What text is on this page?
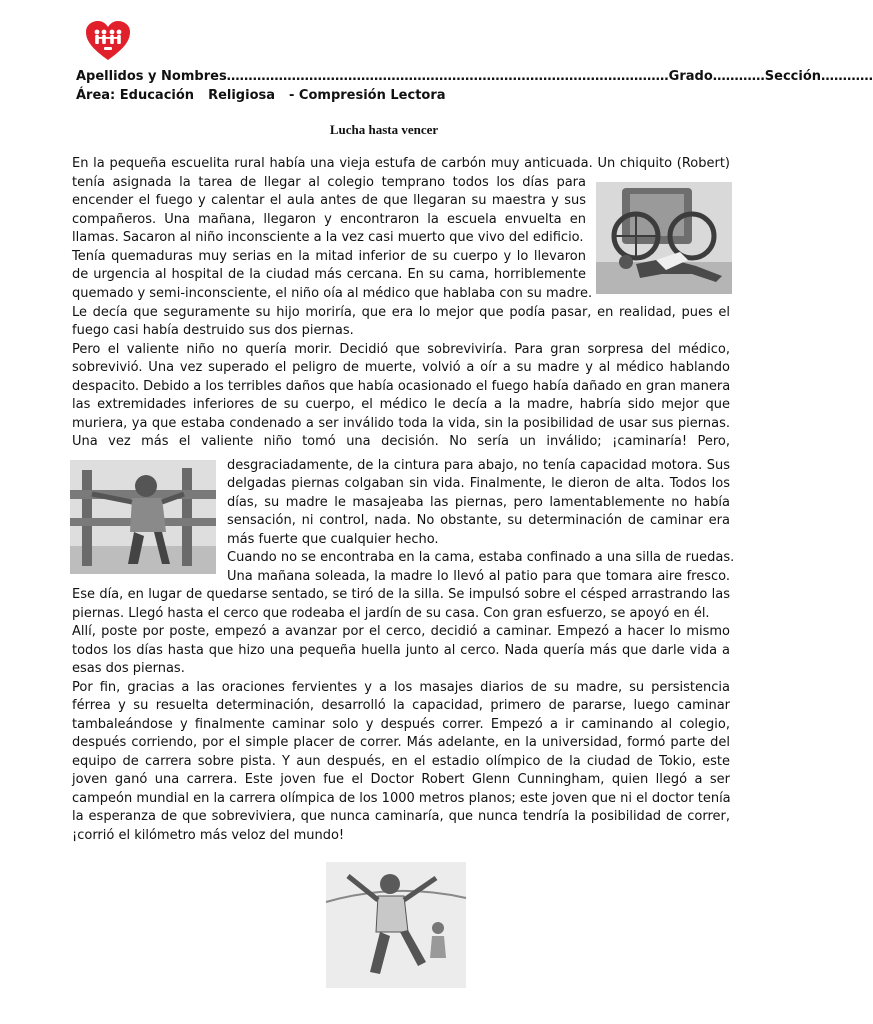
Apellidos y Nombres…………………………………………………………………………………………Grado…………Sección…………
Área: Educación Religiosa - Compresión Lectora
Lucha hasta vencer
En la pequeña escuelita rural había una vieja estufa de carbón muy anticuada. Un chiquito (Robert)
tenía asignada la tarea de llegar al colegio temprano todos los días para
encender el fuego y calentar el aula antes de que llegaran su maestra y sus
compañeros. Una mañana, llegaron y encontraron la escuela envuelta en
llamas. Sacaron al niño inconsciente a la vez casi muerto que vivo del edificio.
Tenía quemaduras muy serias en la mitad inferior de su cuerpo y lo llevaron
de urgencia al hospital de la ciudad más cercana. En su cama, horriblemente
quemado y semi-inconsciente, el niño oía al médico que hablaba con su madre.
Le decía que seguramente su hijo moriría, que era lo mejor que podía pasar, en realidad, pues el
fuego casi había destruido sus dos piernas.
Pero el valiente niño no quería morir. Decidió que sobreviviría. Para gran sorpresa del médico,
sobrevivió. Una vez superado el peligro de muerte, volvió a oír a su madre y al médico hablando
despacito. Debido a los terribles daños que había ocasionado el fuego había dañado en gran manera
las extremidades inferiores de su cuerpo, el médico le decía a la madre, habría sido mejor que
muriera, ya que estaba condenado a ser inválido toda la vida, sin la posibilidad de usar sus piernas.
Una vez más el valiente niño tomó una decisión. No sería un inválido; ¡caminaría! Pero,
desgraciadamente, de la cintura para abajo, no tenía capacidad motora. Sus
delgadas piernas colgaban sin vida. Finalmente, le dieron de alta. Todos los
días, su madre le masajeaba las piernas, pero lamentablemente no había
sensación, ni control, nada. No obstante, su determinación de caminar era
más fuerte que cualquier hecho.
Cuando no se encontraba en la cama, estaba confinado a una silla de ruedas.
Una mañana soleada, la madre lo llevó al patio para que tomara aire fresco.
Ese día, en lugar de quedarse sentado, se tiró de la silla. Se impulsó sobre el césped arrastrando las
piernas. Llegó hasta el cerco que rodeaba el jardín de su casa. Con gran esfuerzo, se apoyó en él.
Allí, poste por poste, empezó a avanzar por el cerco, decidió a caminar. Empezó a hacer lo mismo
todos los días hasta que hizo una pequeña huella junto al cerco. Nada quería más que darle vida a
esas dos piernas.
Por fin, gracias a las oraciones fervientes y a los masajes diarios de su madre, su persistencia
férrea y su resuelta determinación, desarrolló la capacidad, primero de pararse, luego caminar
tambaleándose y finalmente caminar solo y después correr. Empezó a ir caminando al colegio,
después corriendo, por el simple placer de correr. Más adelante, en la universidad, formó parte del
equipo de carrera sobre pista. Y aun después, en el estadio olímpico de la ciudad de Tokio, este
joven ganó una carrera. Este joven fue el Doctor Robert Glenn Cunningham, quien llegó a ser
campeón mundial en la carrera olímpica de los 1000 metros planos; este joven que ni el doctor tenía
la esperanza de que sobreviviera, que nunca caminaría, que nunca tendría la posibilidad de correr,
¡corrió el kilómetro más veloz del mundo!
